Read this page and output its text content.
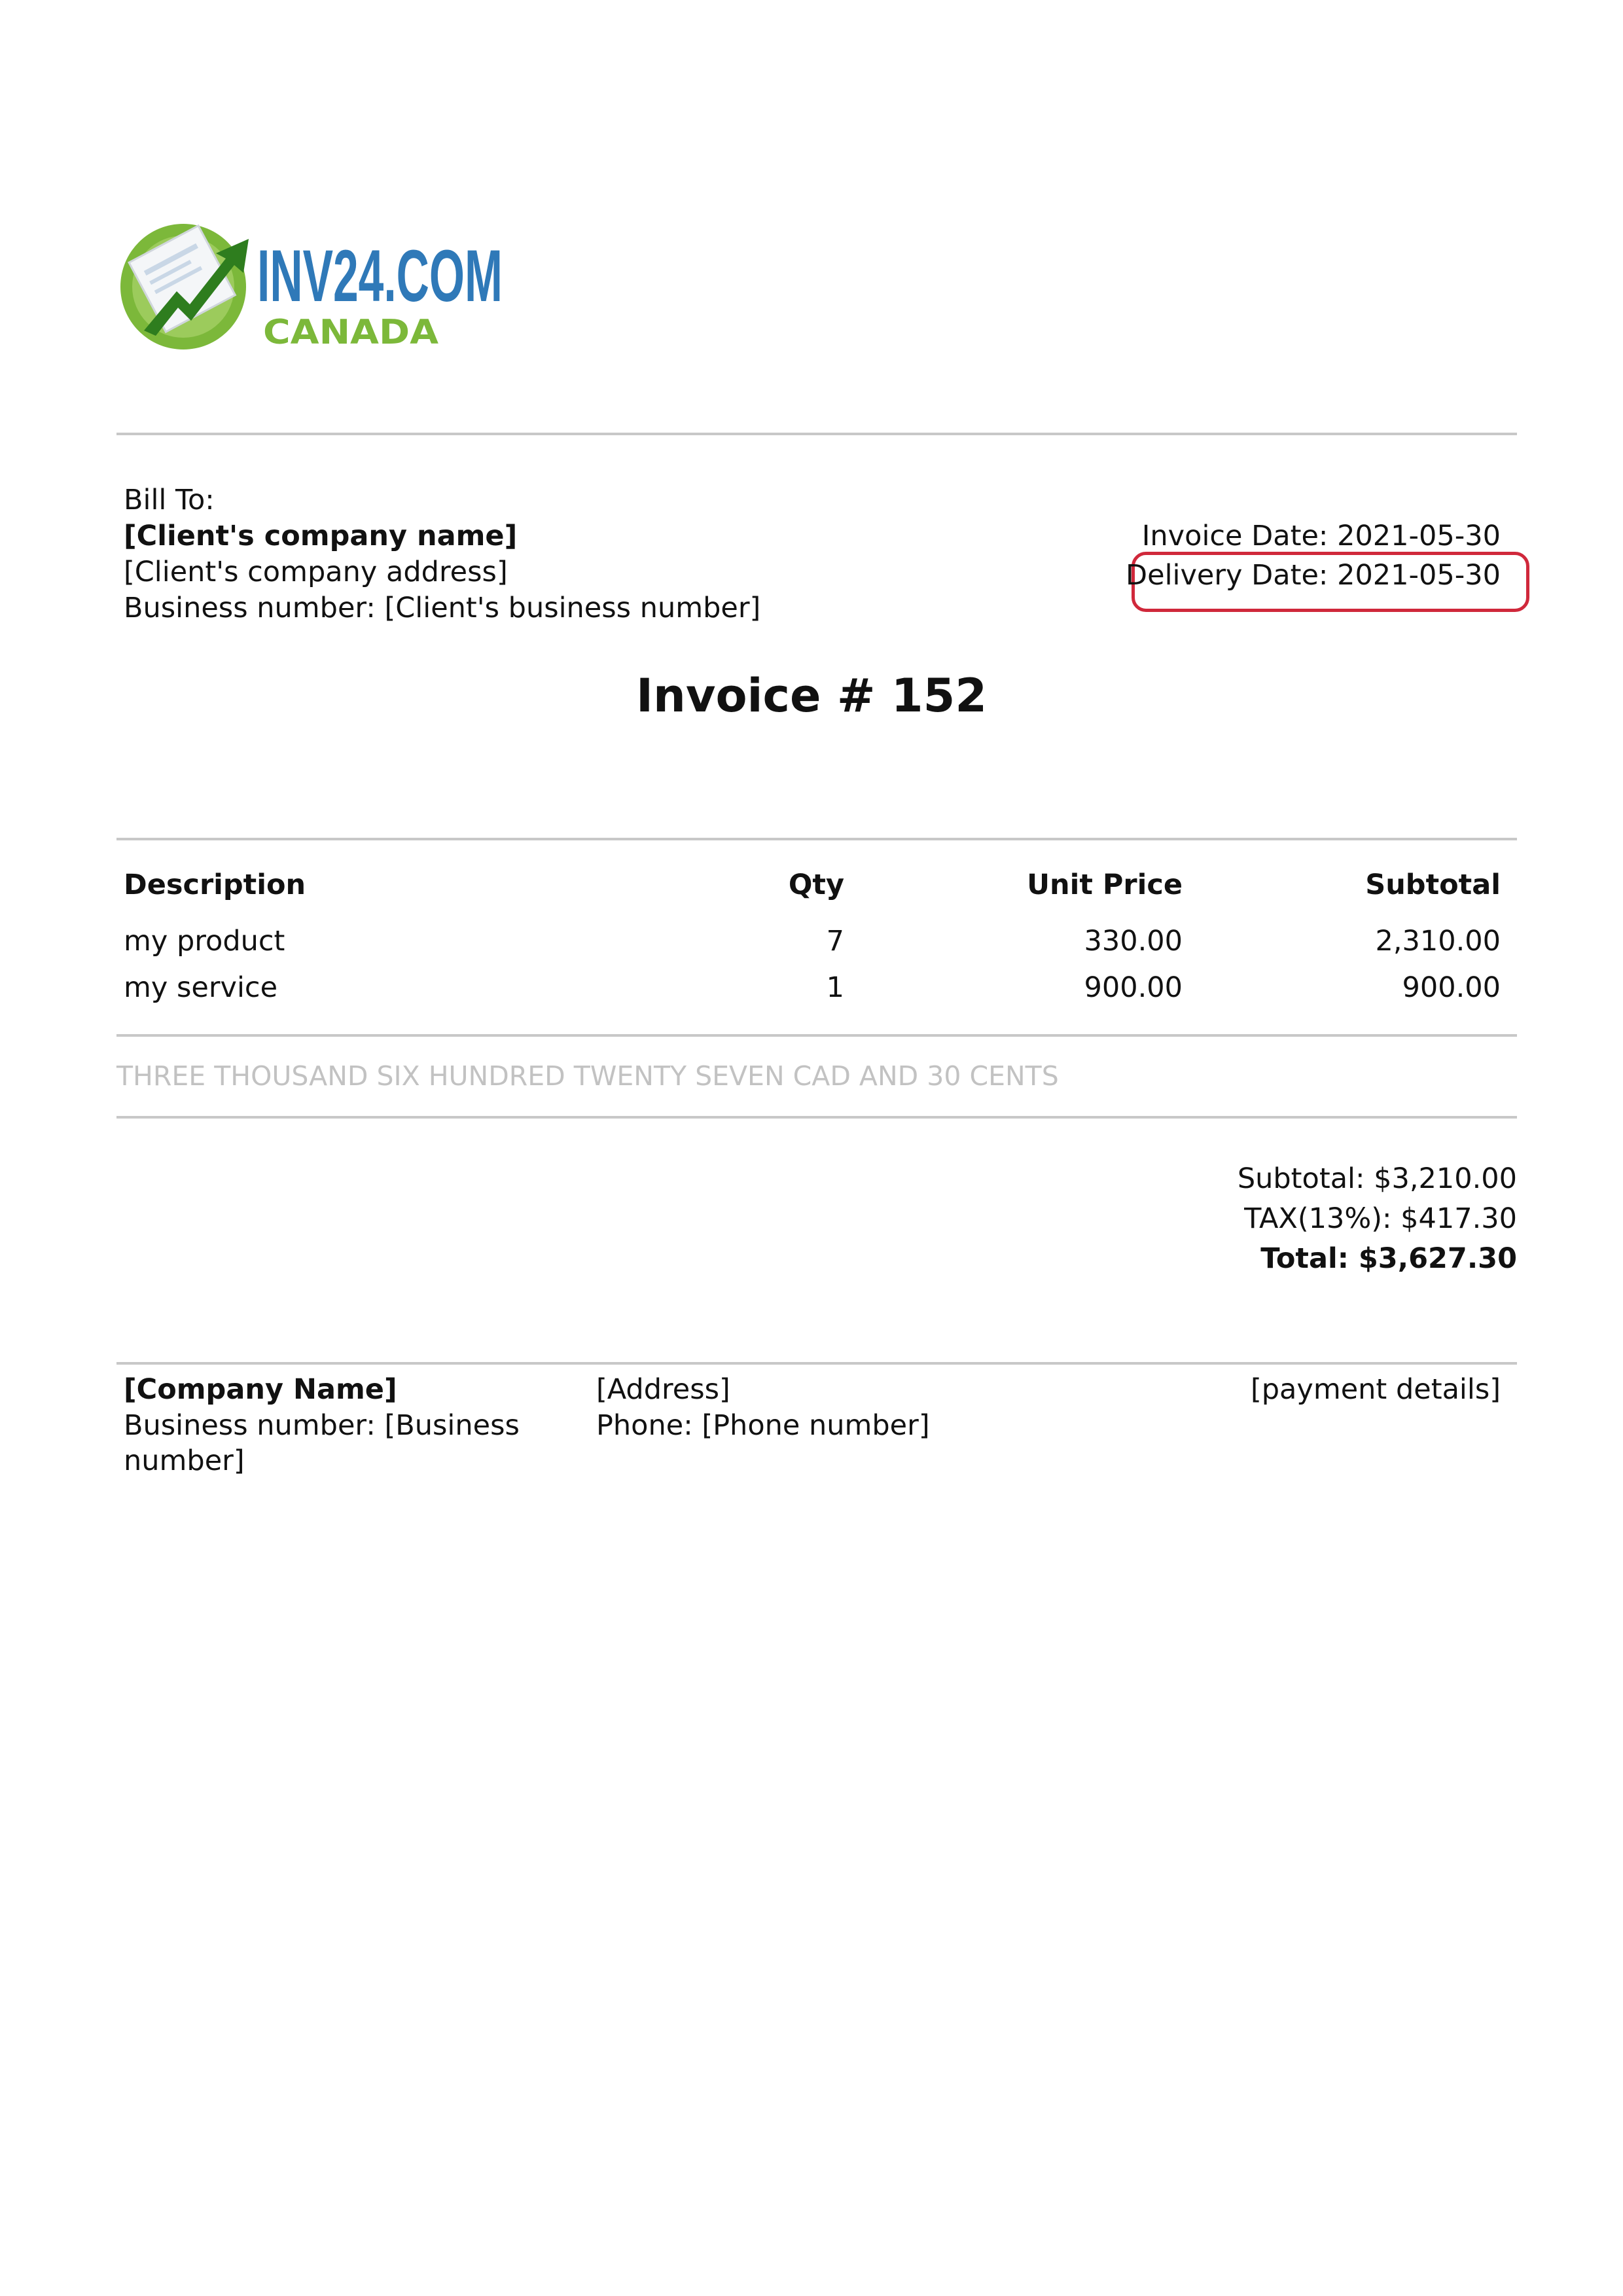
INV24.COM
CANADA
Bill To:
[Client's company name]
[Client's company address]
Business number: [Client's business number]
Invoice Date: 2021-05-30
Delivery Date: 2021-05-30
Invoice # 152
Description	Qty	Unit Price	Subtotal
my product	7	330.00	2,310.00
my service	1	900.00	900.00
THREE THOUSAND SIX HUNDRED TWENTY SEVEN CAD AND 30 CENTS
Subtotal: $3,210.00
TAX(13%): $417.30
Total: $3,627.30
[Company Name]
Business number: [Business number]
[Address]
Phone: [Phone number]
[payment details]
